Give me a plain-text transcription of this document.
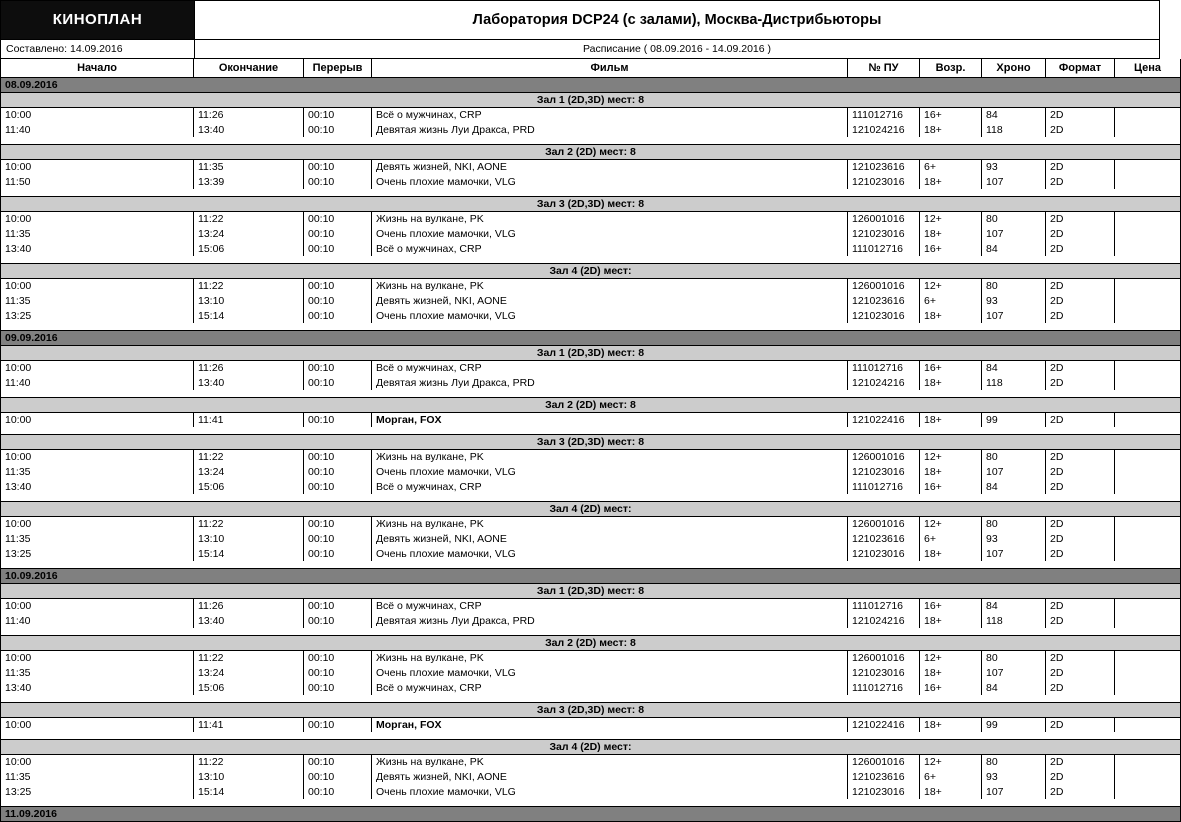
КИНОПЛАН	Лаборатория DCP24 (с залами), Москва-Дистрибьюторы
Составлено: 14.09.2016	Расписание ( 08.09.2016 - 14.09.2016 )
Начало	Окончание	Перерыв	Фильм	№ ПУ	Возр.	Хроно	Формат	Цена
08.09.2016								
Зал 1 (2D,3D) мест: 8								
10:00	11:26	00:10	Всё о мужчинах, CRP	111012716	16+	84	2D	
11:40	13:40	00:10	Девятая жизнь Луи Дракса, PRD	121024216	18+	118	2D	

Зал 2 (2D) мест: 8								
10:00	11:35	00:10	Девять жизней, NKI, AONE	121023616	6+	93	2D	
11:50	13:39	00:10	Очень плохие мамочки, VLG	121023016	18+	107	2D	

Зал 3 (2D,3D) мест: 8								
10:00	11:22	00:10	Жизнь на вулкане, PK	126001016	12+	80	2D	
11:35	13:24	00:10	Очень плохие мамочки, VLG	121023016	18+	107	2D	
13:40	15:06	00:10	Всё о мужчинах, CRP	111012716	16+	84	2D	

Зал 4 (2D) мест:								
10:00	11:22	00:10	Жизнь на вулкане, PK	126001016	12+	80	2D	
11:35	13:10	00:10	Девять жизней, NKI, AONE	121023616	6+	93	2D	
13:25	15:14	00:10	Очень плохие мамочки, VLG	121023016	18+	107	2D	

09.09.2016								
Зал 1 (2D,3D) мест: 8								
10:00	11:26	00:10	Всё о мужчинах, CRP	111012716	16+	84	2D	
11:40	13:40	00:10	Девятая жизнь Луи Дракса, PRD	121024216	18+	118	2D	

Зал 2 (2D) мест: 8								
10:00	11:41	00:10	Морган, FOX	121022416	18+	99	2D	

Зал 3 (2D,3D) мест: 8								
10:00	11:22	00:10	Жизнь на вулкане, PK	126001016	12+	80	2D	
11:35	13:24	00:10	Очень плохие мамочки, VLG	121023016	18+	107	2D	
13:40	15:06	00:10	Всё о мужчинах, CRP	111012716	16+	84	2D	

Зал 4 (2D) мест:								
10:00	11:22	00:10	Жизнь на вулкане, PK	126001016	12+	80	2D	
11:35	13:10	00:10	Девять жизней, NKI, AONE	121023616	6+	93	2D	
13:25	15:14	00:10	Очень плохие мамочки, VLG	121023016	18+	107	2D	

10.09.2016								
Зал 1 (2D,3D) мест: 8								
10:00	11:26	00:10	Всё о мужчинах, CRP	111012716	16+	84	2D	
11:40	13:40	00:10	Девятая жизнь Луи Дракса, PRD	121024216	18+	118	2D	

Зал 2 (2D) мест: 8								
10:00	11:22	00:10	Жизнь на вулкане, PK	126001016	12+	80	2D	
11:35	13:24	00:10	Очень плохие мамочки, VLG	121023016	18+	107	2D	
13:40	15:06	00:10	Всё о мужчинах, CRP	111012716	16+	84	2D	

Зал 3 (2D,3D) мест: 8								
10:00	11:41	00:10	Морган, FOX	121022416	18+	99	2D	

Зал 4 (2D) мест:								
10:00	11:22	00:10	Жизнь на вулкане, PK	126001016	12+	80	2D	
11:35	13:10	00:10	Девять жизней, NKI, AONE	121023616	6+	93	2D	
13:25	15:14	00:10	Очень плохие мамочки, VLG	121023016	18+	107	2D	

11.09.2016								
